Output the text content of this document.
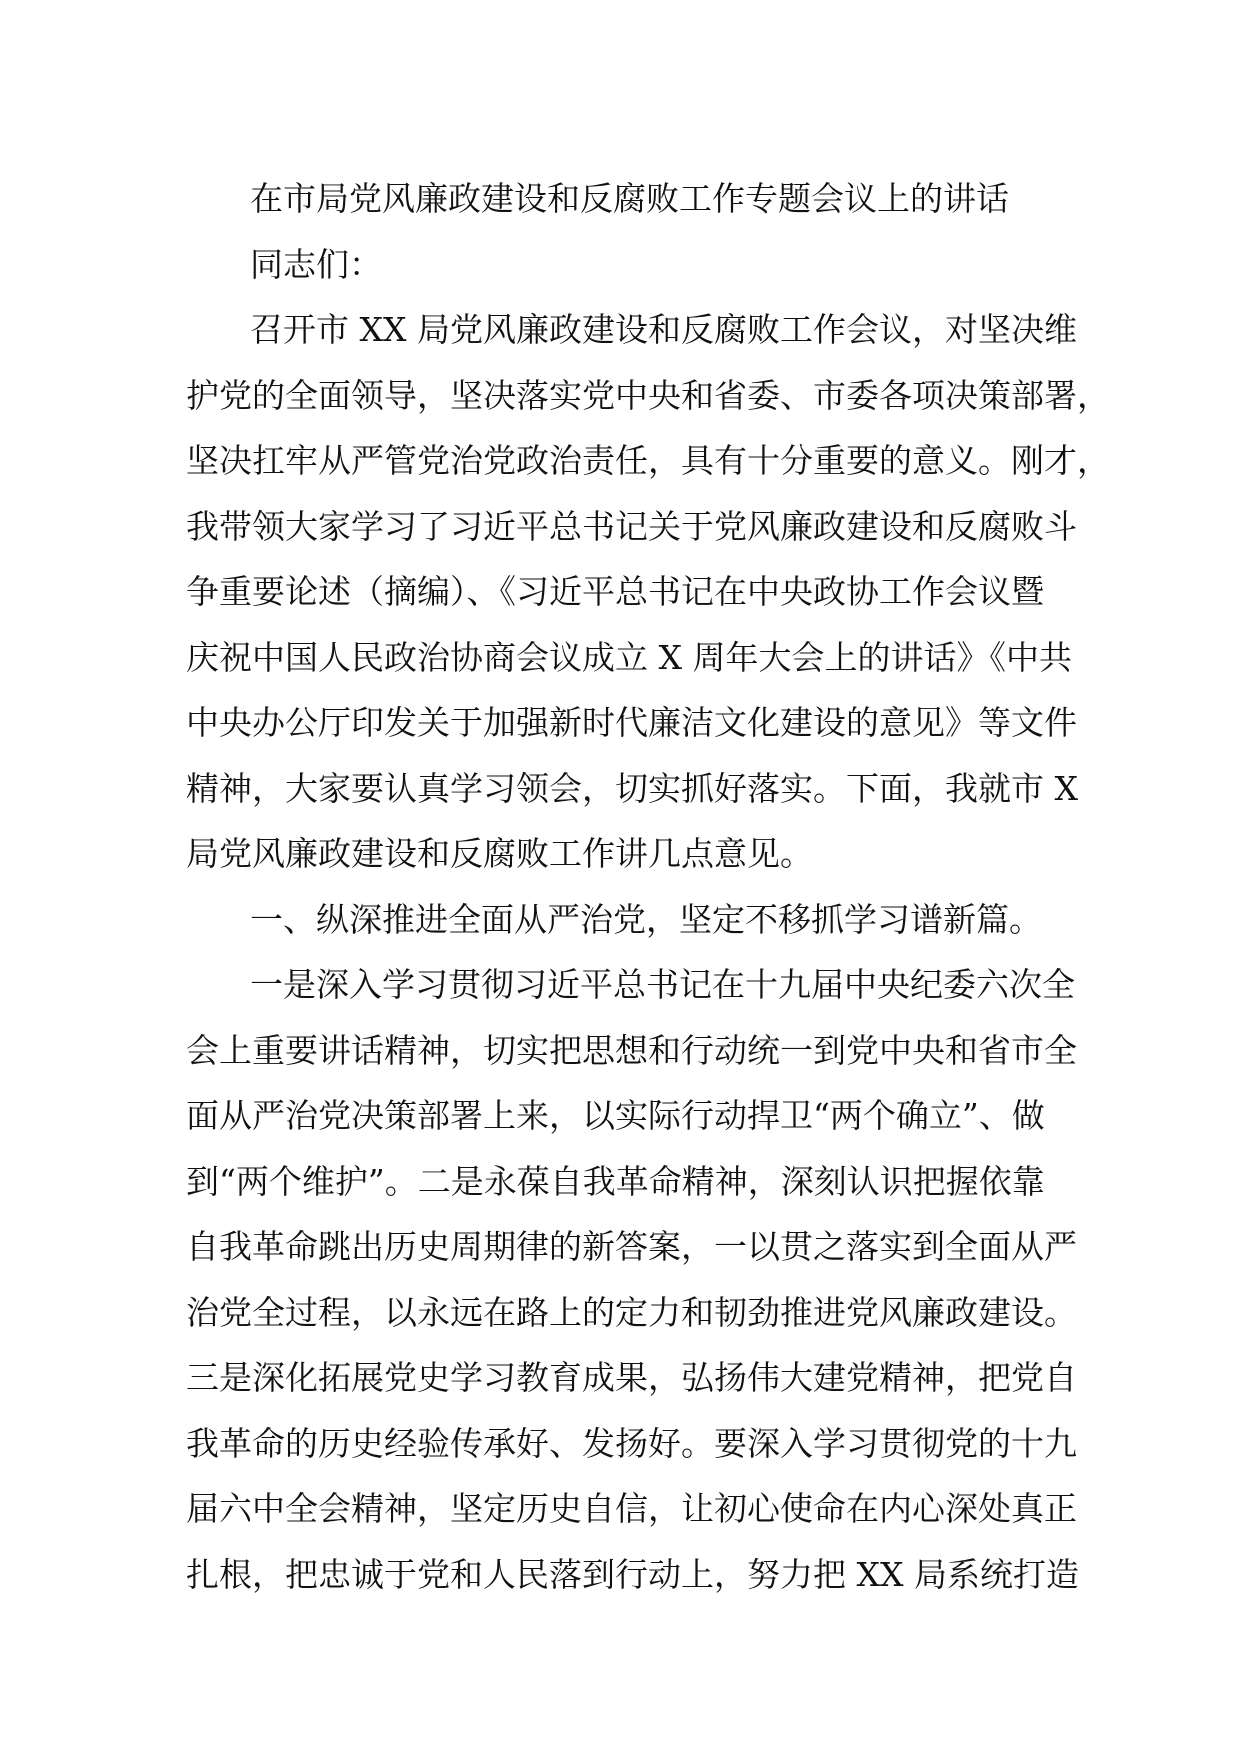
在市局党风廉政建设和反腐败工作专题会议上的讲话

同志们：

召开市 XX 局党风廉政建设和反腐败工作会议，对坚决维

护党的全面领导，坚决落实党中央和省委、市委各项决策部署，

坚决扛牢从严管党治党政治责任，具有十分重要的意义。刚才，

我带领大家学习了习近平总书记关于党风廉政建设和反腐败斗

争重要论述（摘编）、《习近平总书记在中央政协工作会议暨

庆祝中国人民政治协商会议成立 X 周年大会上的讲话》《中共

中央办公厅印发关于加强新时代廉洁文化建设的意见》等文件

精神，大家要认真学习领会，切实抓好落实。下面，我就市 X

局党风廉政建设和反腐败工作讲几点意见。

一、纵深推进全面从严治党，坚定不移抓学习谱新篇。

一是深入学习贯彻习近平总书记在十九届中央纪委六次全

会上重要讲话精神，切实把思想和行动统一到党中央和省市全

面从严治党决策部署上来，以实际行动捍卫“两个确立”、做

到“两个维护”。二是永葆自我革命精神，深刻认识把握依靠

自我革命跳出历史周期律的新答案，一以贯之落实到全面从严

治党全过程，以永远在路上的定力和韧劲推进党风廉政建设。

三是深化拓展党史学习教育成果，弘扬伟大建党精神，把党自

我革命的历史经验传承好、发扬好。要深入学习贯彻党的十九

届六中全会精神，坚定历史自信，让初心使命在内心深处真正

扎根，把忠诚于党和人民落到行动上，努力把 XX 局系统打造
